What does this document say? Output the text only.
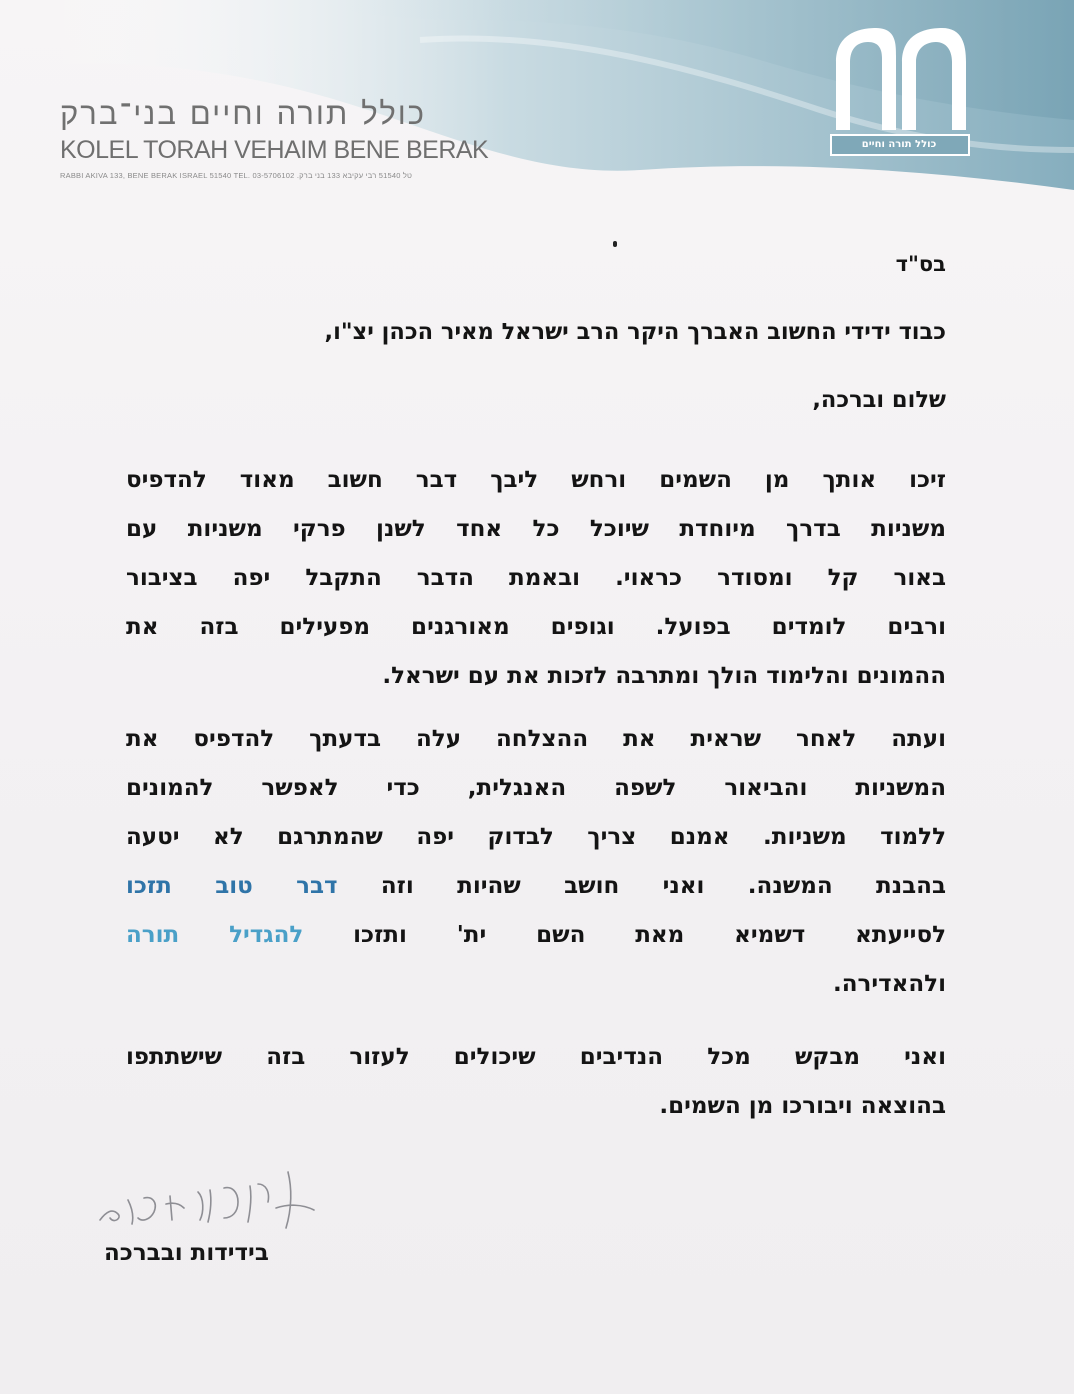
כולל תורה וחיים בני־ברק
KOLEL TORAH VEHAIM BENE BERAK
RABBI AKIVA 133, BENE BERAK ISRAEL 51540 TEL. 03-5706102 .טל 51540 רבי עקיבא 133 בני ברק
כולל תורה וחיים
בס"ד
כבוד ידידי החשוב האברך היקר הרב ישראל מאיר הכהן יצ"ו,
שלום וברכה,
זיכו אותך מן השמים ורחש ליבך דבר חשוב מאוד להדפיס
משניות בדרך מיוחדת שיוכל כל אחד לשנן פרקי משניות עם
באור קל ומסודר כראוי. ובאמת הדבר התקבל יפה בציבור
ורבים לומדים בפועל. וגופים מאורגנים מפעילים בזה את
ההמונים והלימוד הולך ומתרבה לזכות את עם ישראל.
ועתה לאחר שראית את ההצלחה עלה בדעתך להדפיס את
המשניות והביאור לשפה האנגלית, כדי לאפשר להמונים
ללמוד משניות. אמנם צריך לבדוק יפה שהמתרגם לא יטעה
בהבנת המשנה. ואני חושב שהיות וזה דבר טוב תזכו
לסייעתא דשמיא מאת השם ית' ותזכו להגדיל תורה
ולהאדירה.
ואני מבקש מכל הנדיבים שיכולים לעזור בזה שישתתפו
בהוצאה ויבורכו מן השמים.
בידידות ובברכה
